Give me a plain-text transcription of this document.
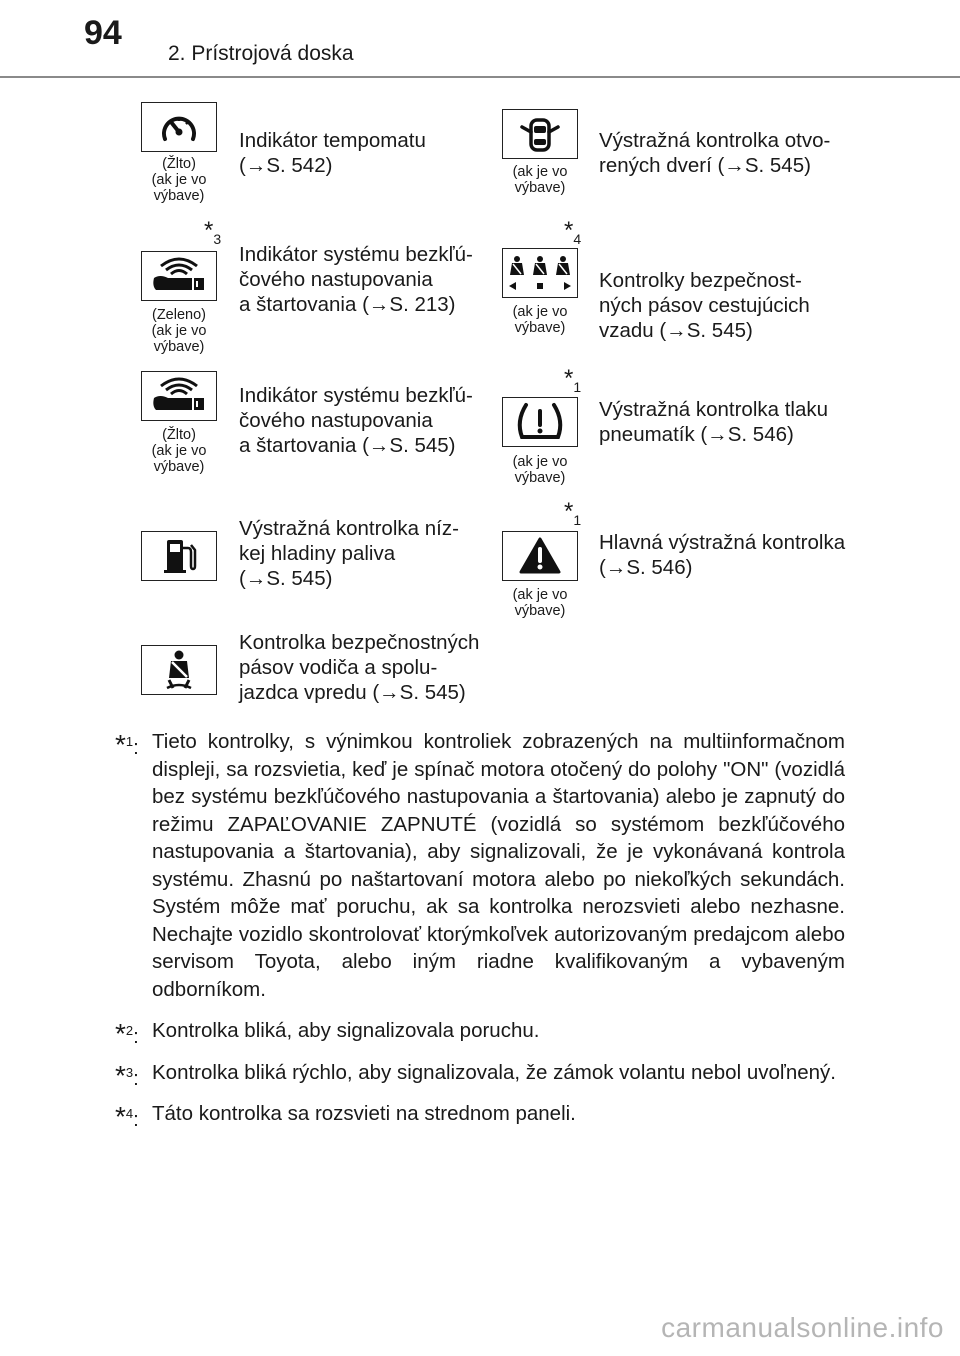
94
2. Prístrojová doska
(Žlto)
(ak je vo
výbave)
Indikátor tempomatu
(→S. 542)	(ak je vo
výbave)
Výstražná kontrolka otvo-
rených dverí (→S. 545)
$*_3$
(Zeleno)
(ak je vo
výbave)
Indikátor systému bezkľú-
čového nastupovania
a štartovania (→S. 213)
$*_4$
(ak je vo
výbave)
Kontrolky bezpečnost-
ných pásov cestujúcich
vzadu (→S. 545)
(Žlto)
(ak je vo
výbave)
Indikátor systému bezkľú-
čového nastupovania
a štartovania (→S. 545)
$*_1$
(ak je vo
výbave)
Výstražná kontrolka tlaku
pneumatík (→S. 546)
Výstražná kontrolka níz-
kej hladiny paliva
(→S. 545)
$*_1$
(ak je vo
výbave)
Hlavná výstražná kontrolka
(→S. 546)
Kontrolka bezpečnostných
pásov vodiča a spolu-
jazdca vpredu (→S. 545)
*$^1$: Tieto kontrolky, s výnimkou kontroliek zobrazených na multiinformačnom displeji, sa rozsvietia, keď je spínač motora otočený do polohy "ON" (vozidlá bez systému bezkľúčového nastupovania a štartovania) alebo je zapnutý do režimu ZAPAĽOVANIE ZAPNUTÉ (vozidlá so systémom bezkľúčového nastupovania a štartovania), aby signalizovali, že je vykonávaná kontrola systému. Zhasnú po naštartovaní motora alebo po niekoľkých sekundách. Systém môže mať poruchu, ak sa kontrolka nerozsvieti alebo nezhasne. Nechajte vozidlo skontrolovať ktorýmkoľvek autorizovaným predajcom alebo servisom Toyota, alebo iným riadne kvalifikovaným a vybaveným odborníkom.
*$^2$: Kontrolka bliká, aby signalizovala poruchu.
*$^3$: Kontrolka bliká rýchlo, aby signalizovala, že zámok volantu nebol uvoľnený.
*$^4$: Táto kontrolka sa rozsvieti na strednom paneli.
carmanualsonline.info
